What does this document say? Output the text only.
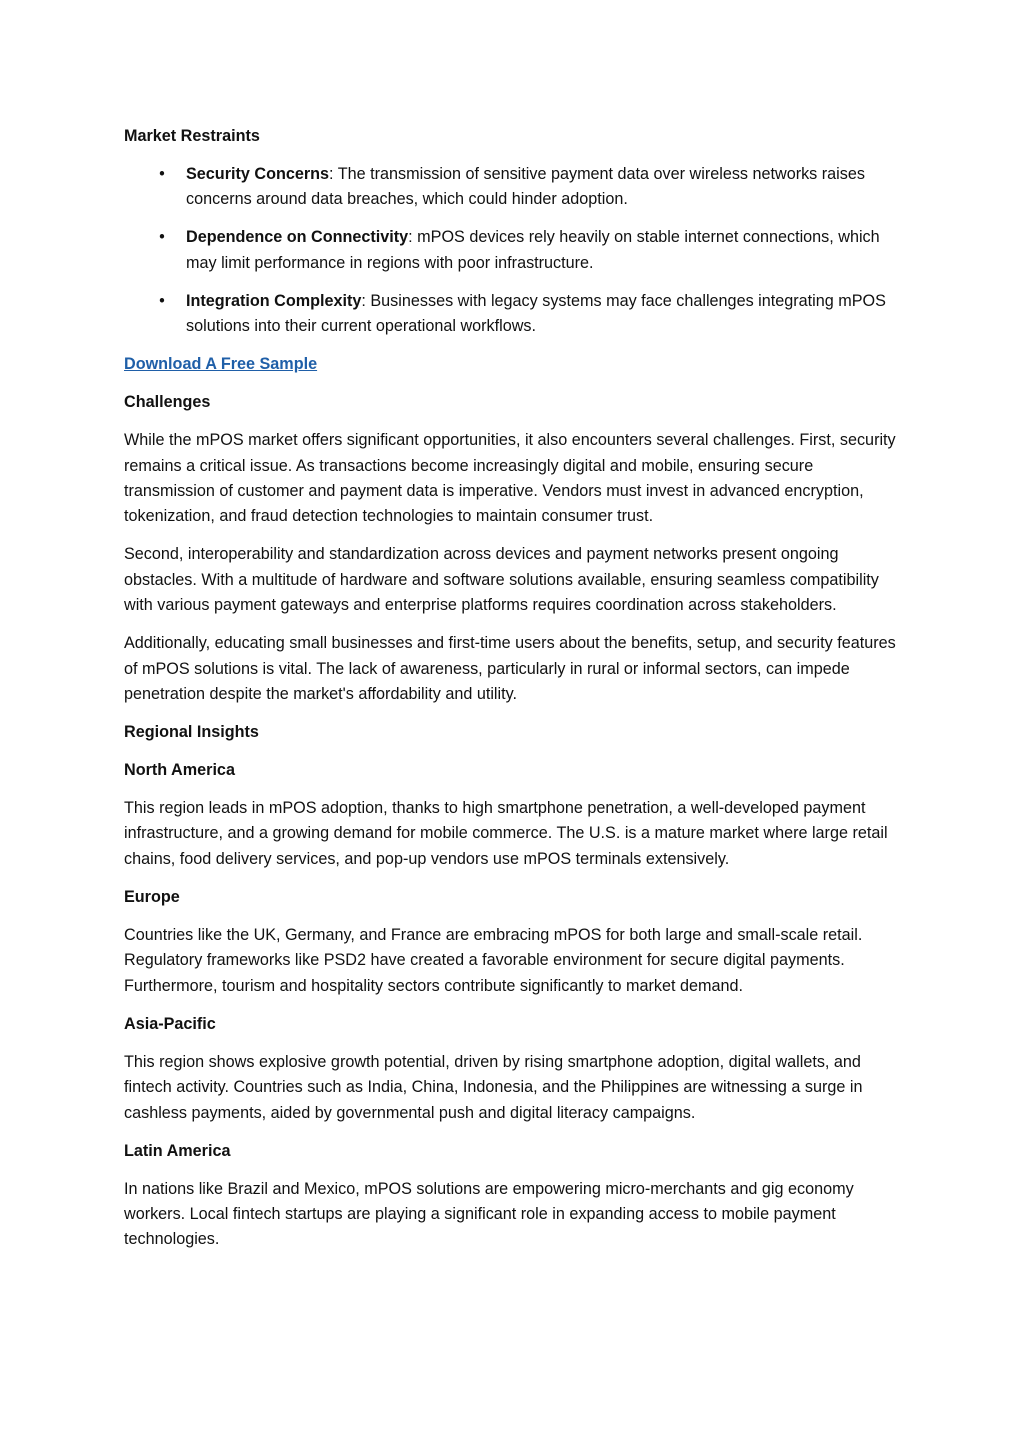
Market Restraints
• Security Concerns: The transmission of sensitive payment data over wireless networks raises concerns around data breaches, which could hinder adoption.
• Dependence on Connectivity: mPOS devices rely heavily on stable internet connections, which may limit performance in regions with poor infrastructure.
• Integration Complexity: Businesses with legacy systems may face challenges integrating mPOS solutions into their current operational workflows.
Download A Free Sample
Challenges
While the mPOS market offers significant opportunities, it also encounters several challenges. First, security remains a critical issue. As transactions become increasingly digital and mobile, ensuring secure transmission of customer and payment data is imperative. Vendors must invest in advanced encryption, tokenization, and fraud detection technologies to maintain consumer trust.
Second, interoperability and standardization across devices and payment networks present ongoing obstacles. With a multitude of hardware and software solutions available, ensuring seamless compatibility with various payment gateways and enterprise platforms requires coordination across stakeholders.
Additionally, educating small businesses and first-time users about the benefits, setup, and security features of mPOS solutions is vital. The lack of awareness, particularly in rural or informal sectors, can impede penetration despite the market's affordability and utility.
Regional Insights
North America
This region leads in mPOS adoption, thanks to high smartphone penetration, a well-developed payment infrastructure, and a growing demand for mobile commerce. The U.S. is a mature market where large retail chains, food delivery services, and pop-up vendors use mPOS terminals extensively.
Europe
Countries like the UK, Germany, and France are embracing mPOS for both large and small-scale retail. Regulatory frameworks like PSD2 have created a favorable environment for secure digital payments. Furthermore, tourism and hospitality sectors contribute significantly to market demand.
Asia-Pacific
This region shows explosive growth potential, driven by rising smartphone adoption, digital wallets, and fintech activity. Countries such as India, China, Indonesia, and the Philippines are witnessing a surge in cashless payments, aided by governmental push and digital literacy campaigns.
Latin America
In nations like Brazil and Mexico, mPOS solutions are empowering micro-merchants and gig economy workers. Local fintech startups are playing a significant role in expanding access to mobile payment technologies.
